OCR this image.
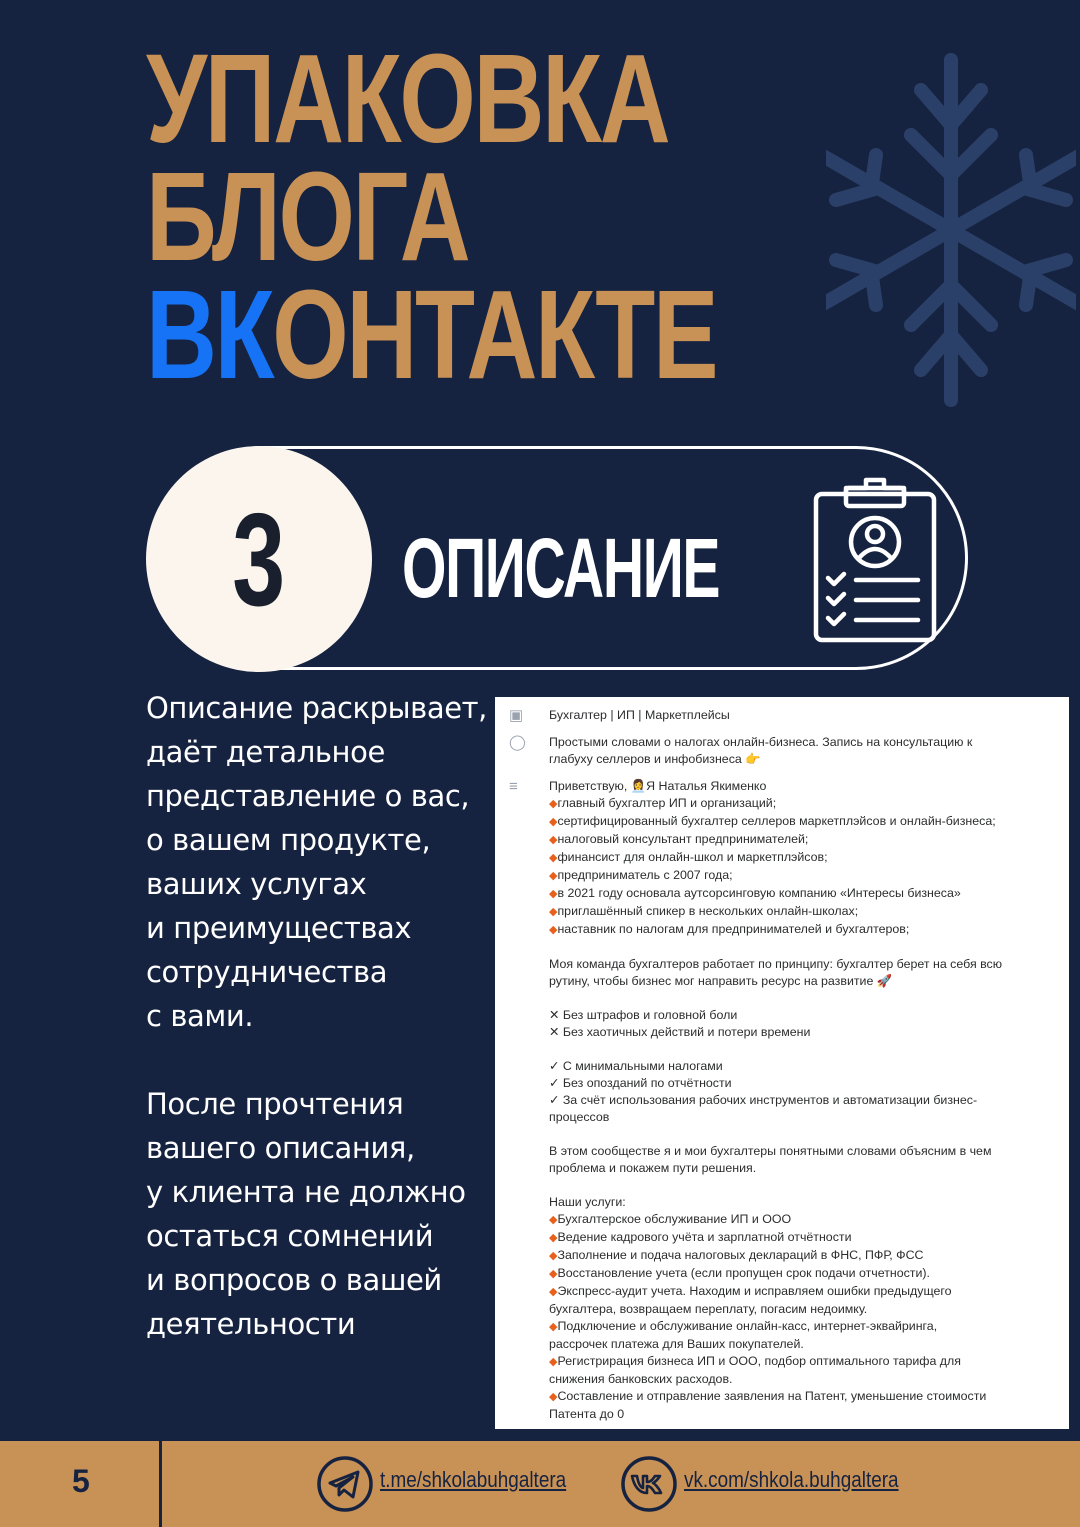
УПАКОВКА
БЛОГА
ВКОНТАКТЕ
3 ОПИСАНИЕ

Описание раскрывает,
даёт детальное
представление о вас,
о вашем продукте,
ваших услугах
и преимуществах
сотрудничества
с вами.

После прочтения
вашего описания,
у клиента не должно
остаться сомнений
и вопросов о вашей
деятельности

▣	Бухгалтер | ИП | Маркетплейсы
◯	Простыми словами о налогах онлайн-бизнеса. Запись на консультацию к
глабуху селлеров и инфобизнеса 👉
≡	Приветствую, 👩‍💼Я Наталья Якименко
◆главный бухгалтер ИП и организаций;
◆сертифицированный бухгалтер селлеров маркетплэйсов и онлайн-бизнеса;
◆налоговый консультант предпринимателей;
◆финансист для онлайн-школ и маркетплэйсов;
◆предприниматель с 2007 года;
◆в 2021 году основала аутсорсинговую компанию «Интересы бизнеса»
◆приглашённый спикер в нескольких онлайн-школах;
◆наставник по налогам для предпринимателей и бухгалтеров;
Моя команда бухгалтеров работает по принципу: бухгалтер берет на себя всю
рутину, чтобы бизнес мог направить ресурс на развитие 🚀
✕ Без штрафов и головной боли
✕ Без хаотичных действий и потери времени
✓ С минимальными налогами
✓ Без опозданий по отчётности
✓ За счёт использования рабочих инструментов и автоматизации бизнес-
процессов
В этом сообществе я и мои бухгалтеры понятными словами объясним в чем
проблема и покажем пути решения.
Наши услуги:
◆Бухгалтерское обслуживание ИП и ООО
◆Ведение кадрового учёта и зарплатной отчётности
◆Заполнение и подача налоговых деклараций в ФНС, ПФР, ФСС
◆Восстановление учета (если пропущен срок подачи отчетности).
◆Экспресс-аудит учета. Находим и исправляем ошибки предыдущего
бухгалтера, возвращаем переплату, погасим недоимку.
◆Подключение и обслуживание онлайн-касс, интернет-эквайринга,
рассрочек платежа для Ваших покупателей.
◆Регистрирация бизнеса ИП и ООО, подбор оптимального тарифа для
снижения банковских расходов.
◆Составление и отправление заявления на Патент, уменьшение стоимости
Патента до 0
5	t.me/shkolabuhgaltera	vk.com/shkola.buhgaltera
